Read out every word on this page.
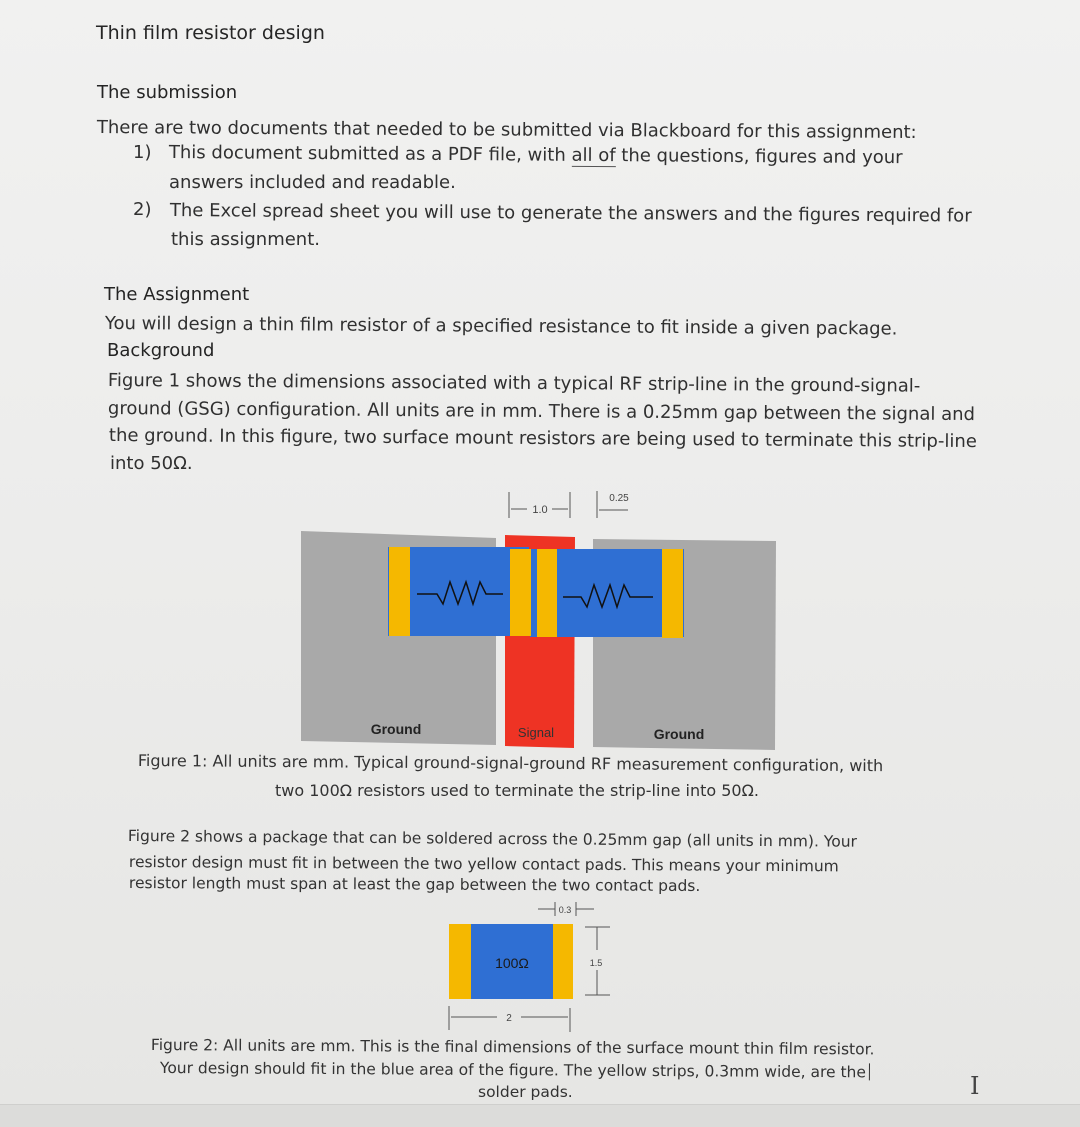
Thin film resistor design
The submission
There are two documents that needed to be submitted via Blackboard for this assignment:
1) This document submitted as a PDF file, with all of the questions, figures and your
answers included and readable.
2) The Excel spread sheet you will use to generate the answers and the figures required for
this assignment.
The Assignment
You will design a thin film resistor of a specified resistance to fit inside a given package.
Background
Figure 1 shows the dimensions associated with a typical RF strip-line in the ground-signal-
ground (GSG) configuration. All units are in mm. There is a 0.25mm gap between the signal and
the ground. In this figure, two surface mount resistors are being used to terminate this strip-line
into 50Ω.
1.0
0.25
Ground	Signal	Ground
Figure 1: All units are mm. Typical ground-signal-ground RF measurement configuration, with
two 100Ω resistors used to terminate the strip-line into 50Ω.
Figure 2 shows a package that can be soldered across the 0.25mm gap (all units in mm). Your
resistor design must fit in between the two yellow contact pads. This means your minimum
resistor length must span at least the gap between the two contact pads.
0.3
100Ω	1.5
2
Figure 2: All units are mm. This is the final dimensions of the surface mount thin film resistor.
Your design should fit in the blue area of the figure. The yellow strips, 0.3mm wide, are the
solder pads.	I
